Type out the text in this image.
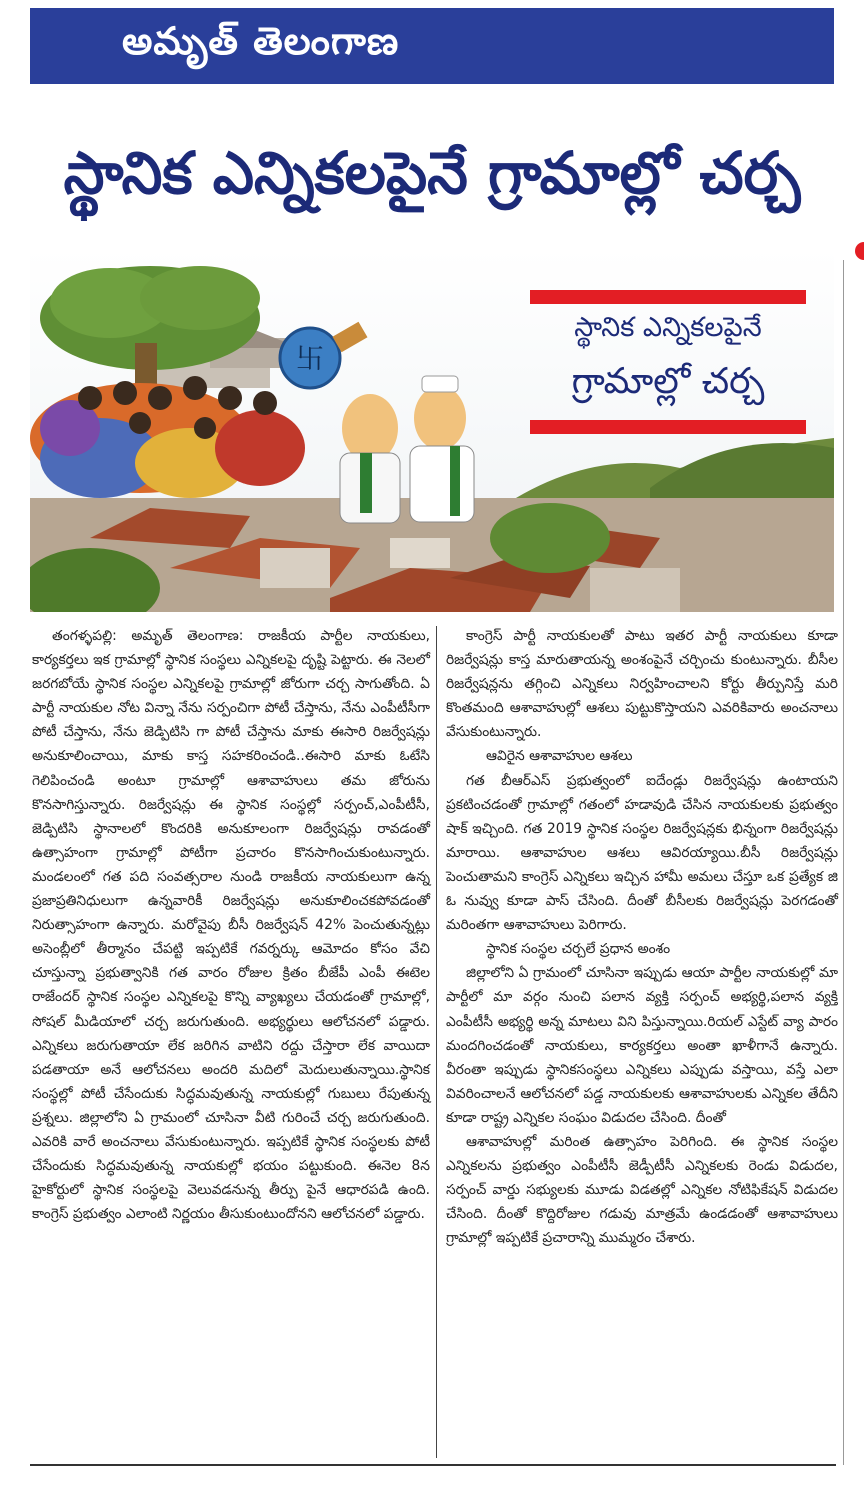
అమృత్ తెలంగాణ
స్థానిక ఎన్నికలపైనే గ్రామాల్లో చర్చ
卐
స్థానిక ఎన్నికలపైనే
గ్రామాల్లో చర్చ

తంగళ్ళపల్లి: అమృత్ తెలంగాణ: రాజకీయ పార్టీల నాయకులు, కార్యకర్తలు ఇక గ్రామాల్లో స్థానిక సంస్థలు ఎన్నికలపై దృష్టి పెట్టారు. ఈ నెలలో జరగబోయే స్థానిక సంస్థల ఎన్నికలపై గ్రామాల్లో జోరుగా చర్చ సాగుతోంది. ఏ పార్టీ నాయకుల నోట విన్నా నేను సర్పంచిగా పోటీ చేస్తాను, నేను ఎంపీటీసీగా పోటీ చేస్తాను, నేను జెడ్పిటిసి గా పోటీ చేస్తాను మాకు ఈసారి రిజర్వేషన్లు అనుకూలించాయి, మాకు కాస్త సహకరించండి..ఈసారి మాకు ఓటేసి గెలిపించండి అంటూ గ్రామాల్లో ఆశావాహులు తమ జోరును కొనసాగిస్తున్నారు. రిజర్వేషన్లు ఈ స్థానిక సంస్థల్లో సర్పంచ్,ఎంపీటీసీ, జెడ్పిటిసి స్థానాలలో కొందరికి అనుకూలంగా రిజర్వేషన్లు రావడంతో ఉత్సాహంగా గ్రామాల్లో పోటీగా ప్రచారం కొనసాగించుకుంటున్నారు. మండలంలో గత పది సంవత్సరాల నుండి రాజకీయ నాయకులుగా ఉన్న ప్రజాప్రతినిధులుగా ఉన్నవారికీ రిజర్వేషన్లు అనుకూలించకపోవడంతో నిరుత్సాహంగా ఉన్నారు. మరోవైపు బీసీ రిజర్వేషన్ 42% పెంచుతున్నట్లు అసెంబ్లీలో తీర్మానం చేపట్టి ఇప్పటికే గవర్నర్కు ఆమోదం కోసం వేచి చూస్తున్నా ప్రభుత్వానికి గత వారం రోజుల క్రితం బీజేపీ ఎంపీ ఈటెల రాజేందర్ స్థానిక సంస్థల ఎన్నికలపై కొన్ని వ్యాఖ్యలు చేయడంతో గ్రామాల్లో, సోషల్ మీడియాలో చర్చ జరుగుతుంది. అభ్యర్థులు ఆలోచనలో పడ్డారు. ఎన్నికలు జరుగుతాయా లేక జరిగిన వాటిని రద్దు చేస్తారా లేక వాయిదా పడతాయా అనే ఆలోచనలు అందరి మదిలో మెదులుతున్నాయి.స్థానిక సంస్థల్లో పోటీ చేసేందుకు సిద్ధమవుతున్న నాయకుల్లో గుబులు రేపుతున్న ప్రశ్నలు. జిల్లాలోని ఏ గ్రామంలో చూసినా వీటి గురించే చర్చ జరుగుతుంది. ఎవరికి వారే అంచనాలు వేసుకుంటున్నారు. ఇప్పటికే స్థానిక సంస్థలకు పోటీ చేసేందుకు సిద్ధమవుతున్న నాయకుల్లో భయం పట్టుకుంది. ఈనెల 8న హైకోర్టులో స్థానిక సంస్థలపై వెలువడనున్న తీర్పు పైనే ఆధారపడి ఉంది. కాంగ్రెస్ ప్రభుత్వం ఎలాంటి నిర్ణయం తీసుకుంటుందోనని ఆలోచనలో పడ్డారు.

కాంగ్రెస్ పార్టీ నాయకులతో పాటు ఇతర పార్టీ నాయకులు కూడా రిజర్వేషన్లు కాస్త మారుతాయన్న అంశంపైనే చర్చించు కుంటున్నారు. బీసీల రిజర్వేషన్లను తగ్గించి ఎన్నికలు నిర్వహించాలని కోర్టు తీర్పునిస్తే మరి కొంతమంది ఆశావాహుల్లో ఆశలు పుట్టుకొస్తాయని ఎవరికివారు అంచనాలు వేసుకుంటున్నారు.

ఆవిరైన ఆశావాహుల ఆశలు

గత బీఆర్ఎస్ ప్రభుత్వంలో ఐదేండ్లు రిజర్వేషన్లు ఉంటాయని ప్రకటించడంతో గ్రామాల్లో గతంలో హడావుడి చేసిన నాయకులకు ప్రభుత్వం షాక్ ఇచ్చింది. గత 2019 స్థానిక సంస్థల రిజర్వేషన్లకు భిన్నంగా రిజర్వేషన్లు మారాయి. ఆశావాహుల ఆశలు ఆవిరయ్యాయి.బీసీ రిజర్వేషన్లు పెంచుతామని కాంగ్రెస్ ఎన్నికలు ఇచ్చిన హామీ అమలు చేస్తూ ఒక ప్రత్యేక జి ఓ నువ్వు కూడా పాస్ చేసింది. దీంతో బీసీలకు రిజర్వేషన్లు పెరగడంతో మరింతగా ఆశావాహులు పెరిగారు.

స్థానిక సంస్థల చర్చలే ప్రధాన అంశం

జిల్లాలోని ఏ గ్రామంలో చూసినా ఇప్పుడు ఆయా పార్టీల నాయకుల్లో మా పార్టీలో మా వర్గం నుంచి పలాన వ్యక్తి సర్పంచ్ అభ్యర్థి,పలాన వ్యక్తి ఎంపీటీసీ అభ్యర్థి అన్న మాటలు విని పిస్తున్నాయి.రియల్ ఎస్టేట్ వ్యా పారం మందగించడంతో నాయకులు, కార్యకర్తలు అంతా ఖాళీగానే ఉన్నారు. వీరంతా ఇప్పుడు స్థానికసంస్థలు ఎన్నికలు ఎప్పుడు వస్తాయి, వస్తే ఎలా వివరించాలనే ఆలోచనలో పడ్డ నాయకులకు ఆశావాహులకు ఎన్నికల తేదీని కూడా రాష్ట్ర ఎన్నికల సంఘం విడుదల చేసింది. దీంతో

ఆశావాహుల్లో మరింత ఉత్సాహం పెరిగింది. ఈ స్థానిక సంస్థల ఎన్నికలను ప్రభుత్వం ఎంపీటీసీ జెడ్పీటీసీ ఎన్నికలకు రెండు విడుదల, సర్పంచ్ వార్డు సభ్యులకు మూడు విడతల్లో ఎన్నికల నోటిఫికేషన్ విడుదల చేసింది. దీంతో కొద్దిరోజుల గడువు మాత్రమే ఉండడంతో ఆశావాహులు గ్రామాల్లో ఇప్పటికే ప్రచారాన్ని ముమ్మరం చేశారు.
